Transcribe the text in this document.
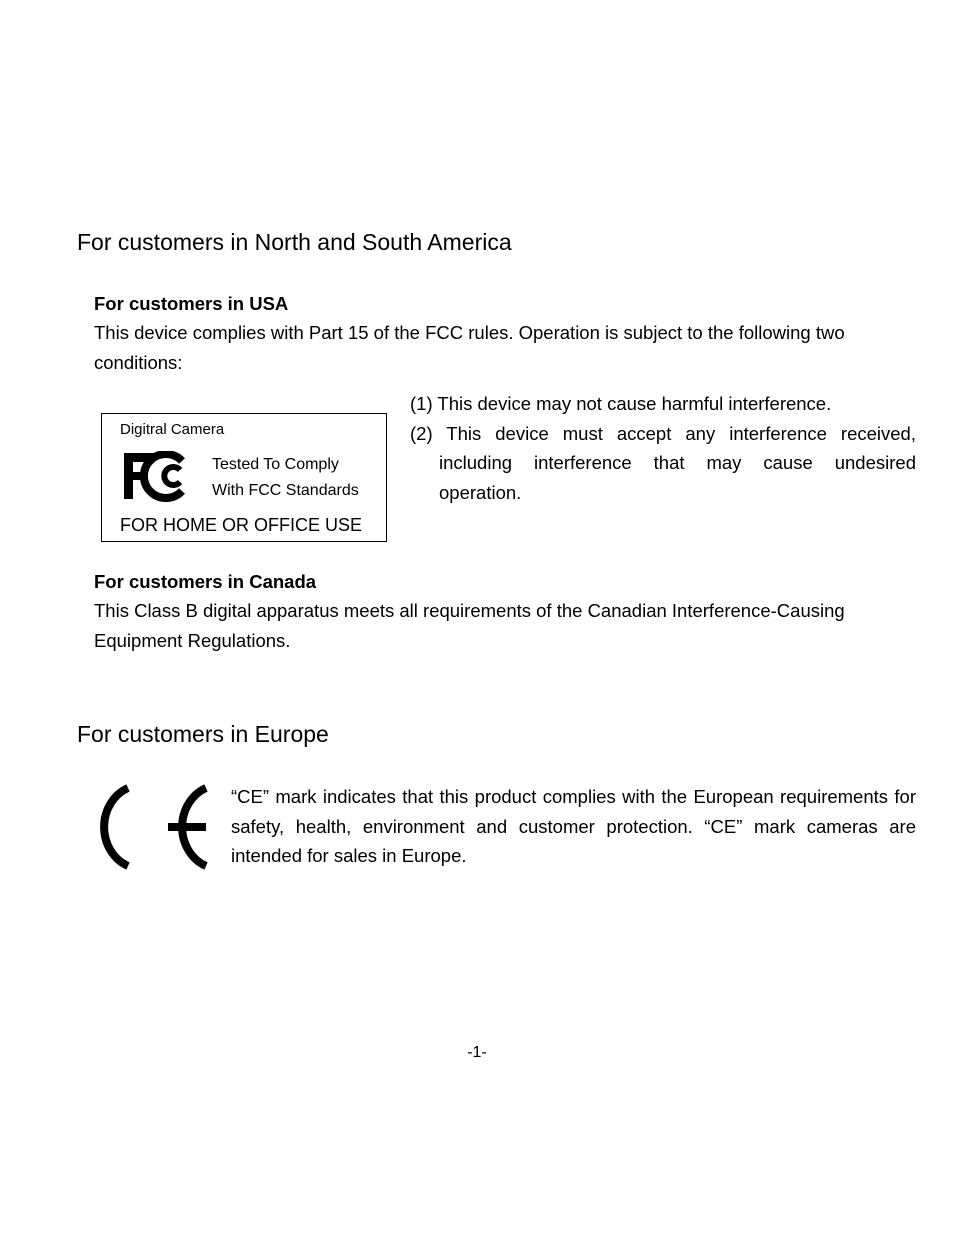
For customers in North and South America
For customers in USA

This device complies with Part 15 of the FCC rules. Operation is subject to the following two conditions:

Digitral Camera
Tested To Comply
With FCC Standards
FOR HOME OR OFFICE USE
(1) This device may not cause harmful interference.
(2) This device must accept any interference received, including interference that may cause undesired operation.
For customers in Canada

This Class B digital apparatus meets all requirements of the Canadian Interference-Causing Equipment Regulations.

For customers in Europe

“CE” mark indicates that this product complies with the European requirements for safety, health, environment and customer protection. “CE” mark cameras are intended for sales in Europe.

-1-
